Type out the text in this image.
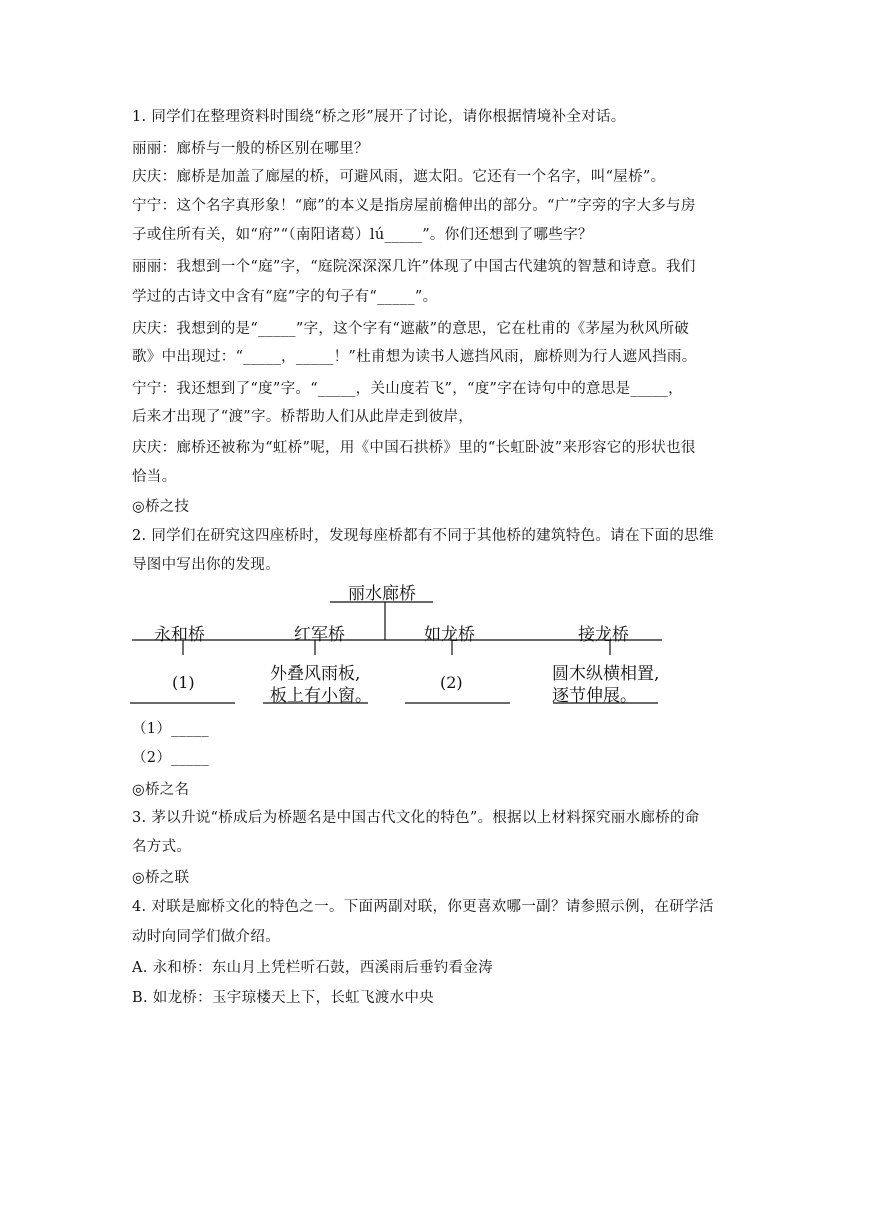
1. 同学们在整理资料时围绕“桥之形”展开了讨论，请你根据情境补全对话。
丽丽：廊桥与一般的桥区别在哪里？
庆庆：廊桥是加盖了廊屋的桥，可避风雨，遮太阳。它还有一个名字，叫“屋桥”。
宁宁：这个名字真形象！“廊”的本义是指房屋前檐伸出的部分。“广”字旁的字大多与房
子或住所有关，如“府”“（南阳诸葛）lú_____”。你们还想到了哪些字？
丽丽：我想到一个“庭”字，“庭院深深深几许”体现了中国古代建筑的智慧和诗意。我们
学过的古诗文中含有“庭”字的句子有“_____”。
庆庆：我想到的是“_____”字，这个字有“遮蔽”的意思，它在杜甫的《茅屋为秋风所破
歌》中出现过：“_____，_____！”杜甫想为读书人遮挡风雨，廊桥则为行人遮风挡雨。
宁宁：我还想到了“度”字。“_____，关山度若飞”，“度”字在诗句中的意思是_____，
后来才出现了“渡”字。桥帮助人们从此岸走到彼岸，
庆庆：廊桥还被称为“虹桥”呢，用《中国石拱桥》里的“长虹卧波”来形容它的形状也很
恰当。
◎桥之技
2. 同学们在研究这四座桥时，发现每座桥都有不同于其他桥的建筑特色。请在下面的思维
导图中写出你的发现。
丽水廊桥
永和桥	红军桥	如龙桥	接龙桥
(1)	外叠风雨板,
板上有小窗。
(2)	圆木纵横相置,
逐节伸展。
（1）_____
（2）_____
◎桥之名
3. 茅以升说“桥成后为桥题名是中国古代文化的特色”。根据以上材料探究丽水廊桥的命
名方式。
◎桥之联
4. 对联是廊桥文化的特色之一。下面两副对联，你更喜欢哪一副？请参照示例，在研学活
动时向同学们做介绍。
A. 永和桥：东山月上凭栏听石鼓，西溪雨后垂钓看金涛
B. 如龙桥：玉宇琼楼天上下，长虹飞渡水中央
